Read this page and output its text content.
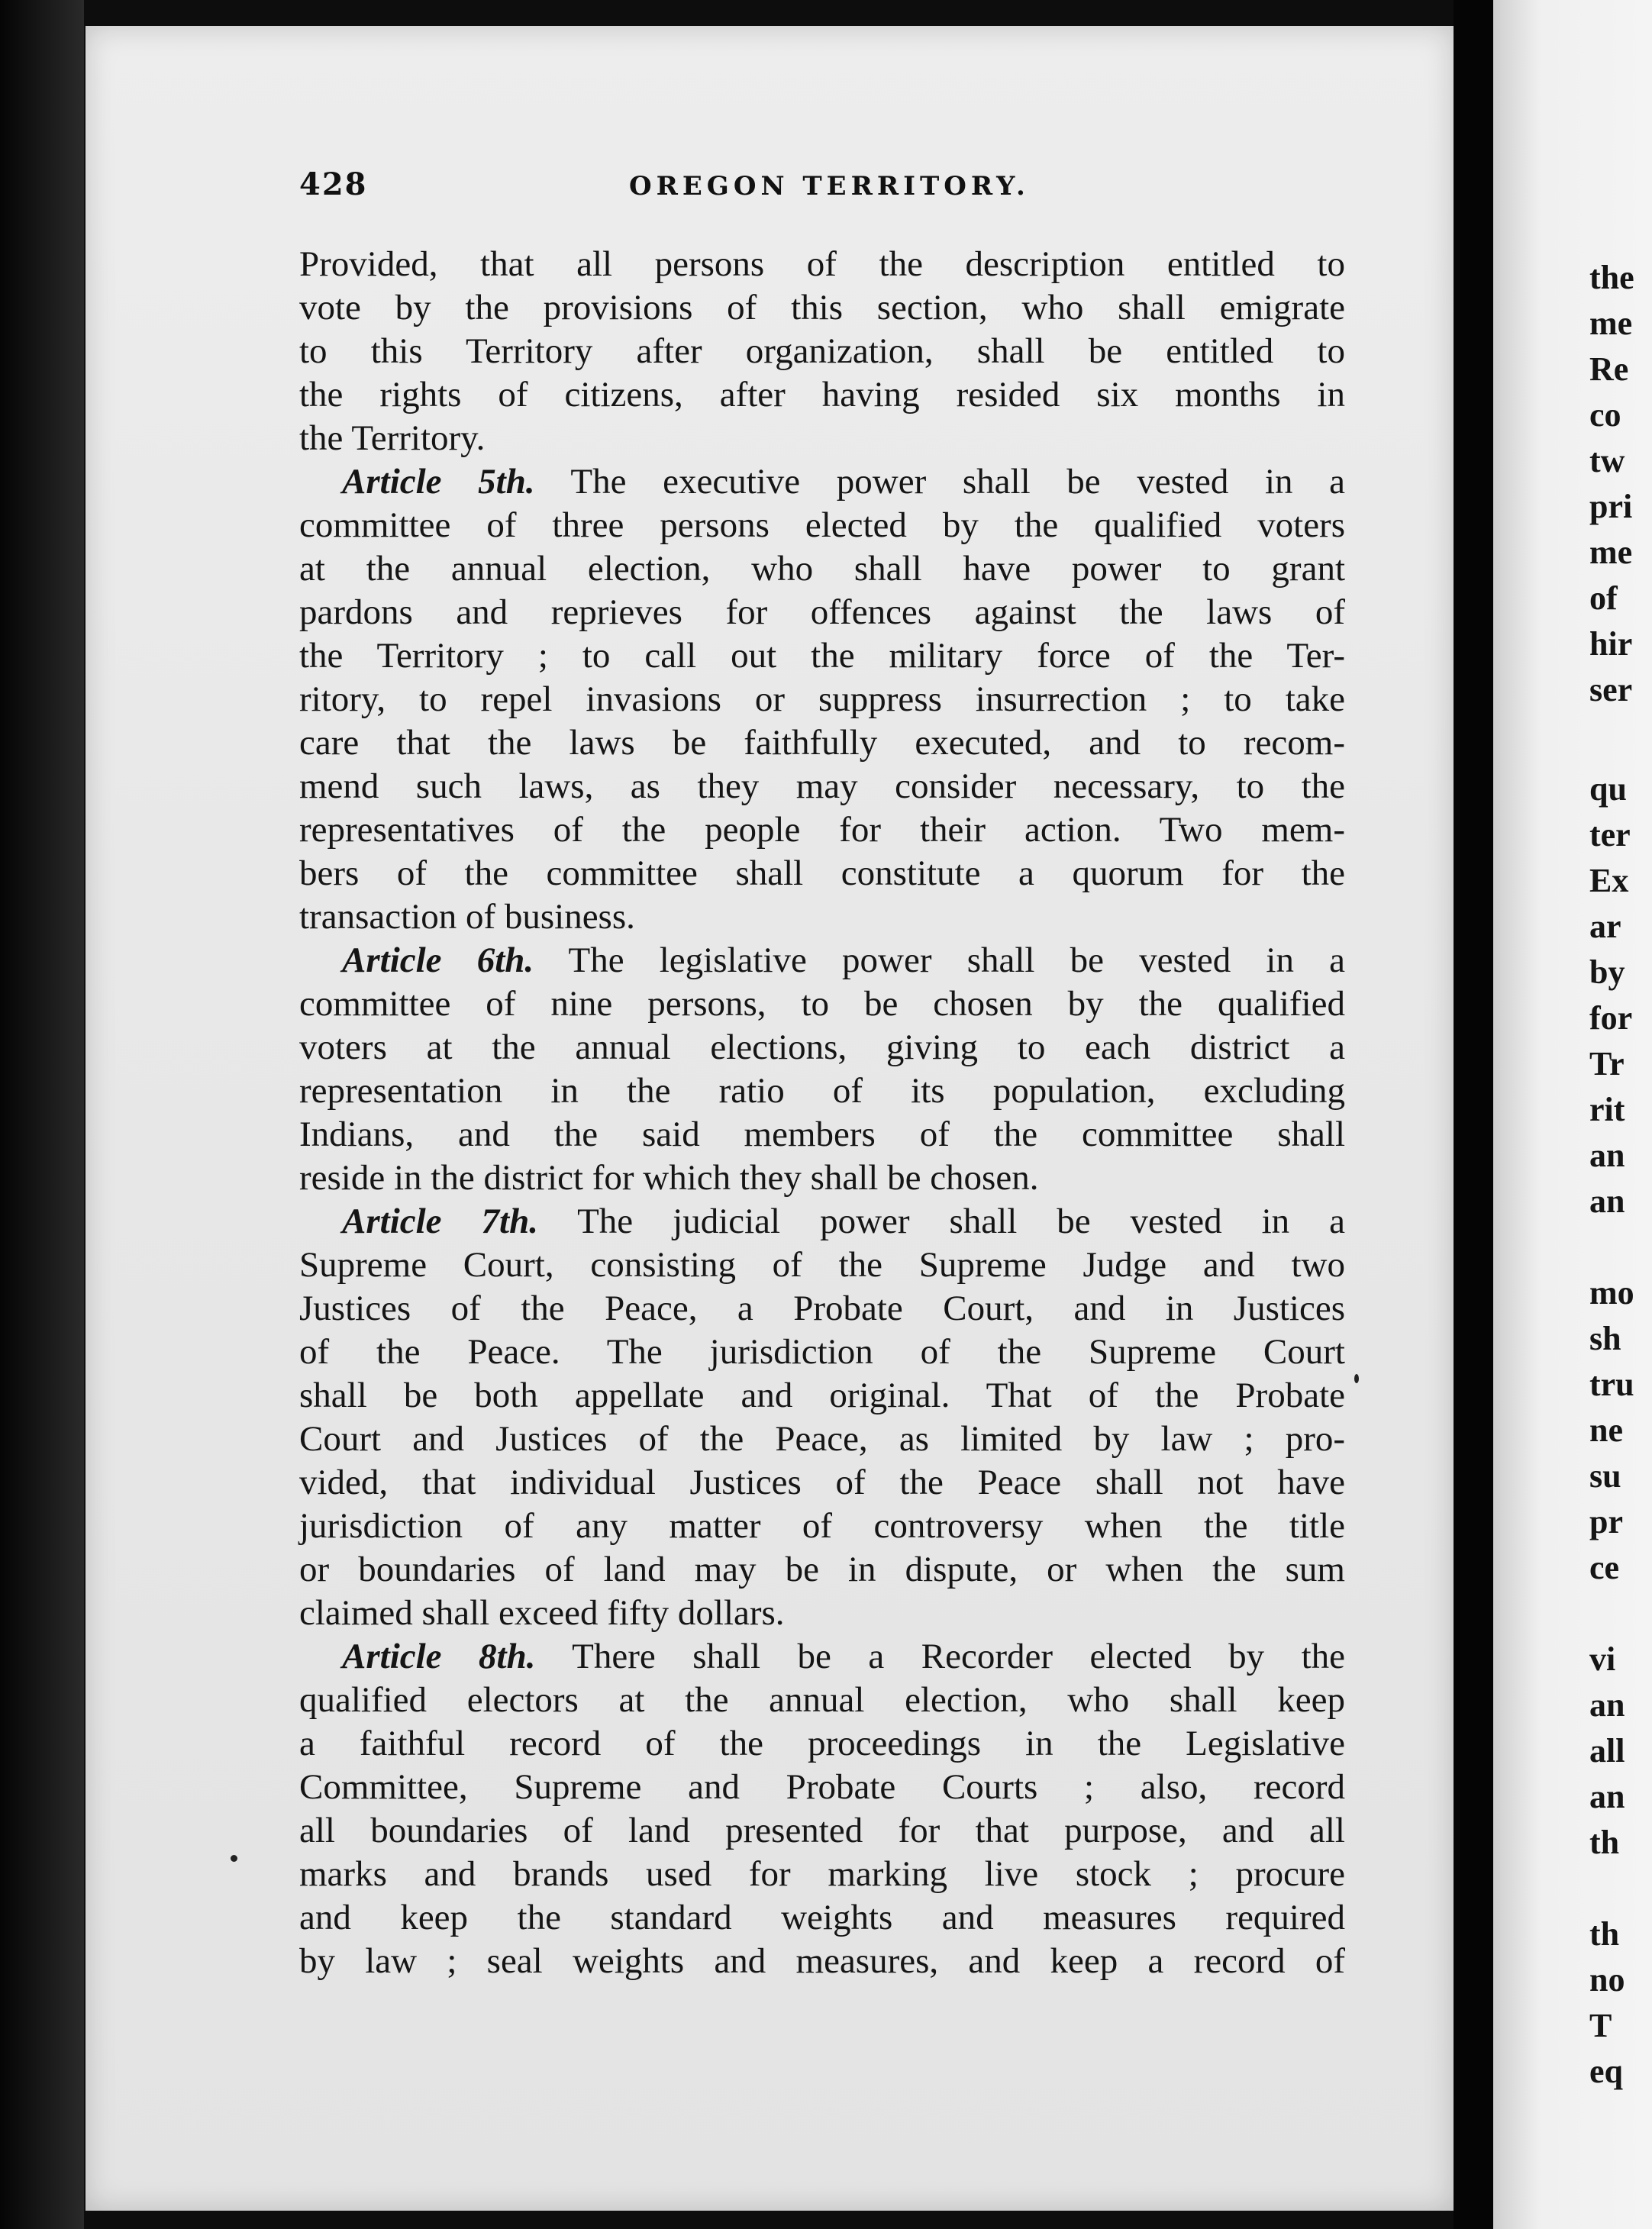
428	OREGON TERRITORY.
Provided, that all persons of the description entitled to
vote by the provisions of this section, who shall emigrate
to this Territory after organization, shall be entitled to
the rights of citizens, after having resided six months in
the Territory.
Article 5th. The executive power shall be vested in a
committee of three persons elected by the qualified voters
at the annual election, who shall have power to grant
pardons and reprieves for offences against the laws of
the Territory ; to call out the military force of the Ter-
ritory, to repel invasions or suppress insurrection ; to take
care that the laws be faithfully executed, and to recom-
mend such laws, as they may consider necessary, to the
representatives of the people for their action. Two mem-
bers of the committee shall constitute a quorum for the
transaction of business.
Article 6th. The legislative power shall be vested in a
committee of nine persons, to be chosen by the qualified
voters at the annual elections, giving to each district a
representation in the ratio of its population, excluding
Indians, and the said members of the committee shall
reside in the district for which they shall be chosen.
Article 7th. The judicial power shall be vested in a
Supreme Court, consisting of the Supreme Judge and two
Justices of the Peace, a Probate Court, and in Justices
of the Peace. The jurisdiction of the Supreme Court
shall be both appellate and original. That of the Probate
Court and Justices of the Peace, as limited by law ; pro-
vided, that individual Justices of the Peace shall not have
jurisdiction of any matter of controversy when the title
or boundaries of land may be in dispute, or when the sum
claimed shall exceed fifty dollars.
Article 8th. There shall be a Recorder elected by the
qualified electors at the annual election, who shall keep
a faithful record of the proceedings in the Legislative
Committee, Supreme and Probate Courts ; also, record
all boundaries of land presented for that purpose, and all
marks and brands used for marking live stock ; procure
and keep the standard weights and measures required
by law ; seal weights and measures, and keep a record of
the
me
Re
co
tw
pri
me
of
hir
ser
qu
ter
Ex
ar
by
for
Tr
rit
an
an
mo
sh
tru
ne
su
pr
ce
vi
an
all
an
th
th
no
T
eq
